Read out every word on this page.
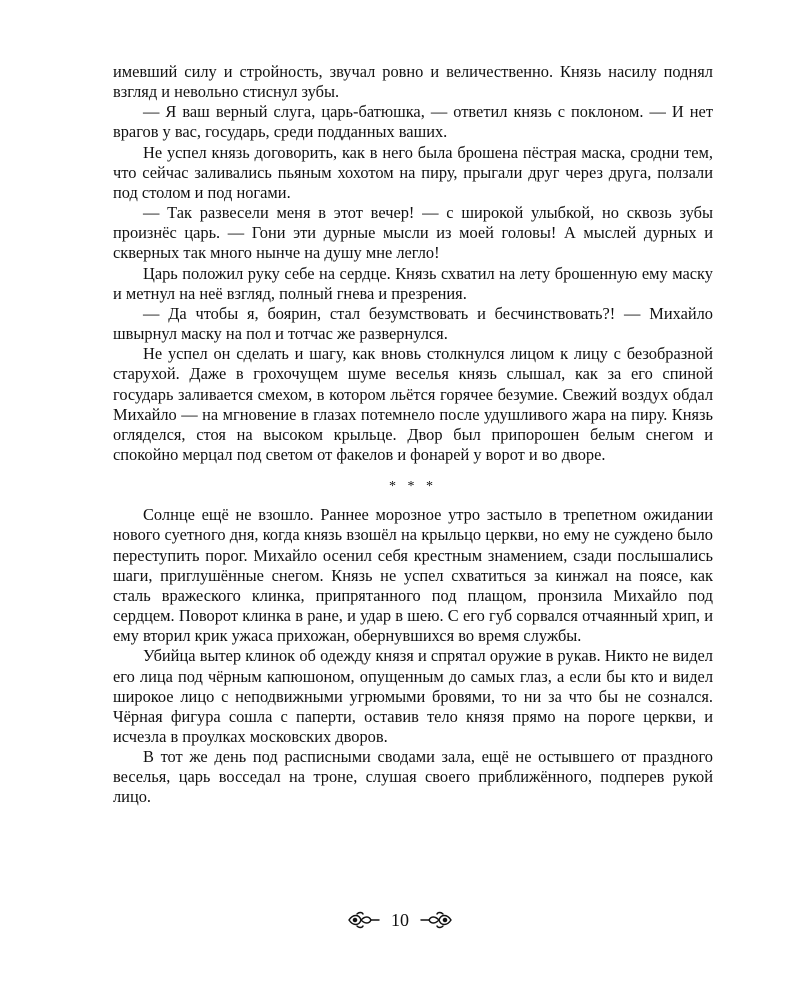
имевший силу и стройность, звучал ровно и величественно. Князь насилу поднял взгляд и невольно стиснул зубы.

— Я ваш верный слуга, царь-батюшка, — ответил князь с поклоном. — И нет врагов у вас, государь, среди подданных ваших.

Не успел князь договорить, как в него была брошена пёстрая маска, сродни тем, что сейчас заливались пьяным хохотом на пиру, прыгали друг через друга, ползали под столом и под ногами.

— Так развесели меня в этот вечер! — с широкой улыбкой, но сквозь зубы произнёс царь. — Гони эти дурные мысли из моей головы! А мыслей дурных и скверных так много нынче на душу мне легло!

Царь положил руку себе на сердце. Князь схватил на лету брошенную ему маску и метнул на неё взгляд, полный гнева и презрения.

— Да чтобы я, боярин, стал безумствовать и бесчинствовать?! — Михайло швырнул маску на пол и тотчас же развернулся.

Не успел он сделать и шагу, как вновь столкнулся лицом к лицу с безобразной старухой. Даже в грохочущем шуме веселья князь слышал, как за его спиной государь заливается смехом, в котором льётся горячее безумие. Свежий воздух обдал Михайло — на мгновение в глазах потемнело после удушливого жара на пиру. Князь огляделся, стоя на высоком крыльце. Двор был припорошен белым снегом и спокойно мерцал под светом от факелов и фонарей у ворот и во дворе.

* * *

Солнце ещё не взошло. Раннее морозное утро застыло в трепетном ожидании нового суетного дня, когда князь взошёл на крыльцо церкви, но ему не суждено было переступить порог. Михайло осенил себя крестным знамением, сзади послышались шаги, приглушённые снегом. Князь не успел схватиться за кинжал на поясе, как сталь вражеского клинка, припрятанного под плащом, пронзила Михайло под сердцем. Поворот клинка в ране, и удар в шею. С его губ сорвался отчаянный хрип, и ему вторил крик ужаса прихожан, обернувшихся во время службы.

Убийца вытер клинок об одежду князя и спрятал оружие в рукав. Никто не видел его лица под чёрным капюшоном, опущенным до самых глаз, а если бы кто и видел широкое лицо с неподвижными угрюмыми бровями, то ни за что бы не сознался. Чёрная фигура сошла с паперти, оставив тело князя прямо на пороге церкви, и исчезла в проулках московских дворов.

В тот же день под расписными сводами зала, ещё не остывшего от праздного веселья, царь восседал на троне, слушая своего приближённого, подперев рукой лицо.

10
